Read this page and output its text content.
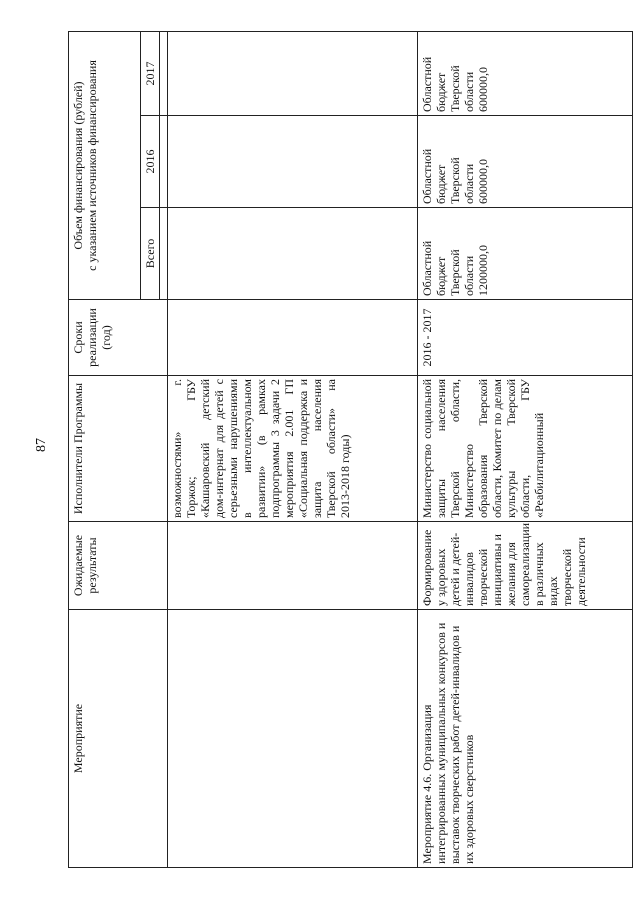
87
Мероприятие	Ожидаемые результаты	Исполнители Программы	Сроки реализации (год)	Объем финансирования (рублей) с указанием источников финансирования		

				Всего	2016	2017

		возможностями» г. Торжок; ГБУ «Кашаровский детский дом-интернат для детей с серьезными нарушениями в интеллектуальном развитии» (в рамках подпрограммы 3 задачи 2 мероприятия 2.001 ГП «Социальная поддержка и защита населения Тверской области» на 2013-2018 годы)				
Мероприятие 4.6. Организация интегрированных муниципальных конкурсов и выставок творческих работ детей-инвалидов и их здоровых сверстников	Формирование у здоровых детей и детей-инвалидов творческой инициативы и желания для самореализации в различных видах творческой деятельности	Министерство социальной защиты населения Тверской области, Министерство образования Тверской области, Комитет по делам культуры Тверской области, ГБУ «Реабилитационный	2016 - 2017	Областной бюджет Тверской области 1200000,0	Областной бюджет Тверской области 600000,0	Областной бюджет Тверской области 600000,0
